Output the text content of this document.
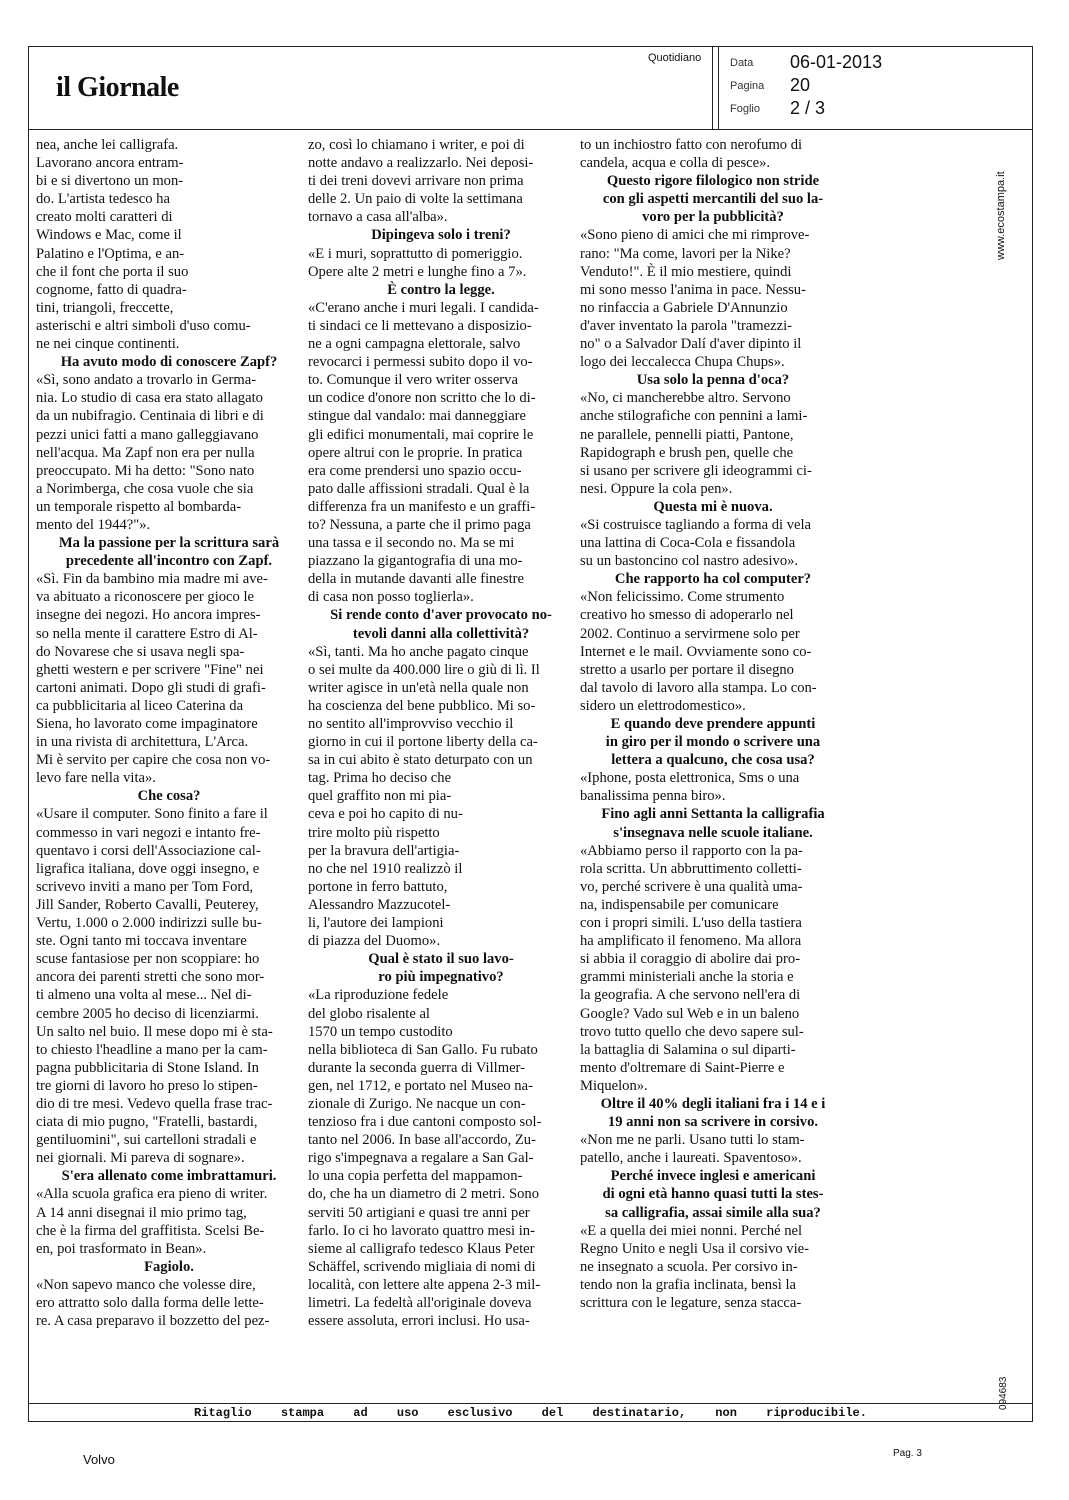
il Giornale
Quotidiano	Data 06-01-2013
Pagina 20
Foglio 2 / 3
www.ecostampa.it
094683

nea, anche lei calligrafa.
Lavorano ancora entram-
bi e si divertono un mon-
do. L'artista tedesco ha
creato molti caratteri di
Windows e Mac, come il
Palatino e l'Optima, e an-
che il font che porta il suo
cognome, fatto di quadra-
tini, triangoli, freccette,
asterischi e altri simboli d'uso comu-
ne nei cinque continenti.

Ha avuto modo di conoscere Zapf?

«Sì, sono andato a trovarlo in Germa-
nia. Lo studio di casa era stato allagato
da un nubifragio. Centinaia di libri e di
pezzi unici fatti a mano galleggiavano
nell'acqua. Ma Zapf non era per nulla
preoccupato. Mi ha detto: "Sono nato
a Norimberga, che cosa vuole che sia
un temporale rispetto al bombarda-
mento del 1944?"».

Ma la passione per la scrittura sarà
precedente all'incontro con Zapf.

«Sì. Fin da bambino mia madre mi ave-
va abituato a riconoscere per gioco le
insegne dei negozi. Ho ancora impres-
so nella mente il carattere Estro di Al-
do Novarese che si usava negli spa-
ghetti western e per scrivere "Fine" nei
cartoni animati. Dopo gli studi di grafi-
ca pubblicitaria al liceo Caterina da
Siena, ho lavorato come impaginatore
in una rivista di architettura, L'Arca.
Mi è servito per capire che cosa non vo-
levo fare nella vita».

Che cosa?

«Usare il computer. Sono finito a fare il
commesso in vari negozi e intanto fre-
quentavo i corsi dell'Associazione cal-
ligrafica italiana, dove oggi insegno, e
scrivevo inviti a mano per Tom Ford,
Jill Sander, Roberto Cavalli, Peuterey,
Vertu, 1.000 o 2.000 indirizzi sulle bu-
ste. Ogni tanto mi toccava inventare
scuse fantasiose per non scoppiare: ho
ancora dei parenti stretti che sono mor-
ti almeno una volta al mese... Nel di-
cembre 2005 ho deciso di licenziarmi.
Un salto nel buio. Il mese dopo mi è sta-
to chiesto l'headline a mano per la cam-
pagna pubblicitaria di Stone Island. In
tre giorni di lavoro ho preso lo stipen-
dio di tre mesi. Vedevo quella frase trac-
ciata di mio pugno, "Fratelli, bastardi,
gentiluomini", sui cartelloni stradali e
nei giornali. Mi pareva di sognare».

S'era allenato come imbrattamuri.

«Alla scuola grafica era pieno di writer.
A 14 anni disegnai il mio primo tag,
che è la firma del graffitista. Scelsi Be-
en, poi trasformato in Bean».

Fagiolo.

«Non sapevo manco che volesse dire,
ero attratto solo dalla forma delle lette-
re. A casa preparavo il bozzetto del pez-

zo, così lo chiamano i writer, e poi di
notte andavo a realizzarlo. Nei deposi-
ti dei treni dovevi arrivare non prima
delle 2. Un paio di volte la settimana
tornavo a casa all'alba».

Dipingeva solo i treni?

«E i muri, soprattutto di pomeriggio.
Opere alte 2 metri e lunghe fino a 7».

È contro la legge.

«C'erano anche i muri legali. I candida-
ti sindaci ce li mettevano a disposizio-
ne a ogni campagna elettorale, salvo
revocarci i permessi subito dopo il vo-
to. Comunque il vero writer osserva
un codice d'onore non scritto che lo di-
stingue dal vandalo: mai danneggiare
gli edifici monumentali, mai coprire le
opere altrui con le proprie. In pratica
era come prendersi uno spazio occu-
pato dalle affissioni stradali. Qual è la
differenza fra un manifesto e un graffi-
to? Nessuna, a parte che il primo paga
una tassa e il secondo no. Ma se mi
piazzano la gigantografia di una mo-
della in mutande davanti alle finestre
di casa non posso toglierla».

Si rende conto d'aver provocato no-
tevoli danni alla collettività?

«Sì, tanti. Ma ho anche pagato cinque
o sei multe da 400.000 lire o giù di lì. Il
writer agisce in un'età nella quale non
ha coscienza del bene pubblico. Mi so-
no sentito all'improvviso vecchio il
giorno in cui il portone liberty della ca-
sa in cui abito è stato deturpato con un
tag. Prima ho deciso che
quel graffito non mi pia-
ceva e poi ho capito di nu-
trire molto più rispetto
per la bravura dell'artigia-
no che nel 1910 realizzò il
portone in ferro battuto,
Alessandro Mazzucotel-
li, l'autore dei lampioni
di piazza del Duomo».

Qual è stato il suo lavo-
ro più impegnativo?

«La riproduzione fedele
del globo risalente al
1570 un tempo custodito
nella biblioteca di San Gallo. Fu rubato
durante la seconda guerra di Villmer-
gen, nel 1712, e portato nel Museo na-
zionale di Zurigo. Ne nacque un con-
tenzioso fra i due cantoni composto sol-
tanto nel 2006. In base all'accordo, Zu-
rigo s'impegnava a regalare a San Gal-
lo una copia perfetta del mappamon-
do, che ha un diametro di 2 metri. Sono
serviti 50 artigiani e quasi tre anni per
farlo. Io ci ho lavorato quattro mesi in-
sieme al calligrafo tedesco Klaus Peter
Schäffel, scrivendo migliaia di nomi di
località, con lettere alte appena 2-3 mil-
limetri. La fedeltà all'originale doveva
essere assoluta, errori inclusi. Ho usa-

to un inchiostro fatto con nerofumo di
candela, acqua e colla di pesce».

Questo rigore filologico non stride
con gli aspetti mercantili del suo la-
voro per la pubblicità?

«Sono pieno di amici che mi rimprove-
rano: "Ma come, lavori per la Nike?
Venduto!". È il mio mestiere, quindi
mi sono messo l'anima in pace. Nessu-
no rinfaccia a Gabriele D'Annunzio
d'aver inventato la parola "tramezzi-
no" o a Salvador Dalí d'aver dipinto il
logo dei leccalecca Chupa Chups».

Usa solo la penna d'oca?

«No, ci mancherebbe altro. Servono
anche stilografiche con pennini a lami-
ne parallele, pennelli piatti, Pantone,
Rapidograph e brush pen, quelle che
si usano per scrivere gli ideogrammi ci-
nesi. Oppure la cola pen».

Questa mi è nuova.

«Si costruisce tagliando a forma di vela
una lattina di Coca-Cola e fissandola
su un bastoncino col nastro adesivo».

Che rapporto ha col computer?

«Non felicissimo. Come strumento
creativo ho smesso di adoperarlo nel
2002. Continuo a servirmene solo per
Internet e le mail. Ovviamente sono co-
stretto a usarlo per portare il disegno
dal tavolo di lavoro alla stampa. Lo con-
sidero un elettrodomestico».

E quando deve prendere appunti
in giro per il mondo o scrivere una
lettera a qualcuno, che cosa usa?

«Iphone, posta elettronica, Sms o una
banalissima penna biro».

Fino agli anni Settanta la calligrafia
s'insegnava nelle scuole italiane.

«Abbiamo perso il rapporto con la pa-
rola scritta. Un abbruttimento colletti-
vo, perché scrivere è una qualità uma-
na, indispensabile per comunicare
con i propri simili. L'uso della tastiera
ha amplificato il fenomeno. Ma allora
si abbia il coraggio di abolire dai pro-
grammi ministeriali anche la storia e
la geografia. A che servono nell'era di
Google? Vado sul Web e in un baleno
trovo tutto quello che devo sapere sul-
la battaglia di Salamina o sul diparti-
mento d'oltremare di Saint-Pierre e
Miquelon».

Oltre il 40% degli italiani fra i 14 e i
19 anni non sa scrivere in corsivo.

«Non me ne parli. Usano tutti lo stam-
patello, anche i laureati. Spaventoso».

Perché invece inglesi e americani
di ogni età hanno quasi tutti la stes-
sa calligrafia, assai simile alla sua?

«E a quella dei miei nonni. Perché nel
Regno Unito e negli Usa il corsivo vie-
ne insegnato a scuola. Per corsivo in-
tendo non la grafia inclinata, bensì la
scrittura con le legature, senza stacca-

Ritaglio stampa ad uso esclusivo del destinatario, non riproducibile.
Volvo	Pag. 3
